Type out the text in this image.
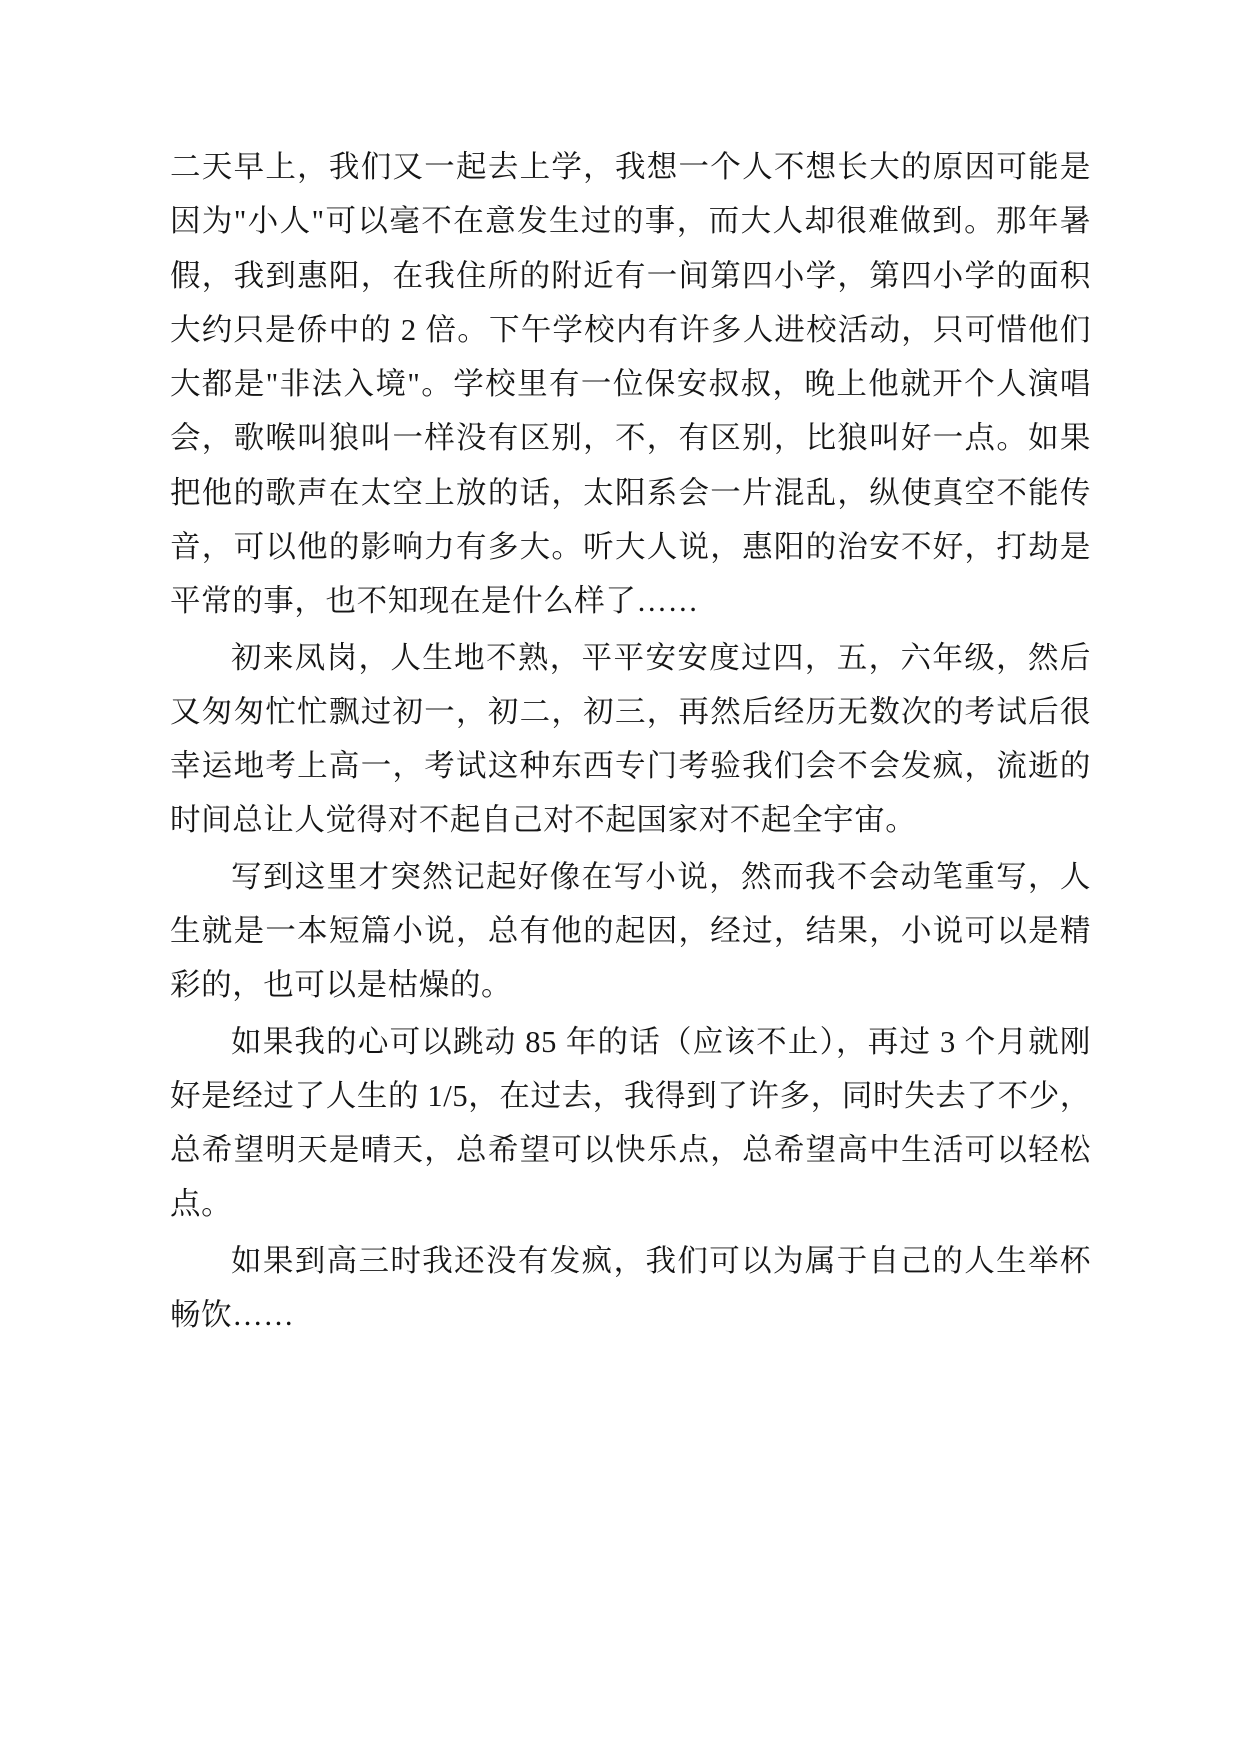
二天早上，我们又一起去上学，我想一个人不想长大的原因可能是因为"小人"可以毫不在意发生过的事，而大人却很难做到。那年暑假，我到惠阳，在我住所的附近有一间第四小学，第四小学的面积大约只是侨中的 2 倍。下午学校内有许多人进校活动，只可惜他们大都是"非法入境"。学校里有一位保安叔叔，晚上他就开个人演唱会，歌喉叫狼叫一样没有区别，不，有区别，比狼叫好一点。如果把他的歌声在太空上放的话，太阳系会一片混乱，纵使真空不能传音，可以他的影响力有多大。听大人说，惠阳的治安不好，打劫是平常的事，也不知现在是什么样了……

初来凤岗，人生地不熟，平平安安度过四，五，六年级，然后又匆匆忙忙飘过初一，初二，初三，再然后经历无数次的考试后很幸运地考上高一，考试这种东西专门考验我们会不会发疯，流逝的时间总让人觉得对不起自己对不起国家对不起全宇宙。

写到这里才突然记起好像在写小说，然而我不会动笔重写，人生就是一本短篇小说，总有他的起因，经过，结果，小说可以是精彩的，也可以是枯燥的。

如果我的心可以跳动 85 年的话（应该不止），再过 3 个月就刚好是经过了人生的 1/5，在过去，我得到了许多，同时失去了不少，总希望明天是晴天，总希望可以快乐点，总希望高中生活可以轻松点。

如果到高三时我还没有发疯，我们可以为属于自己的人生举杯畅饮……
